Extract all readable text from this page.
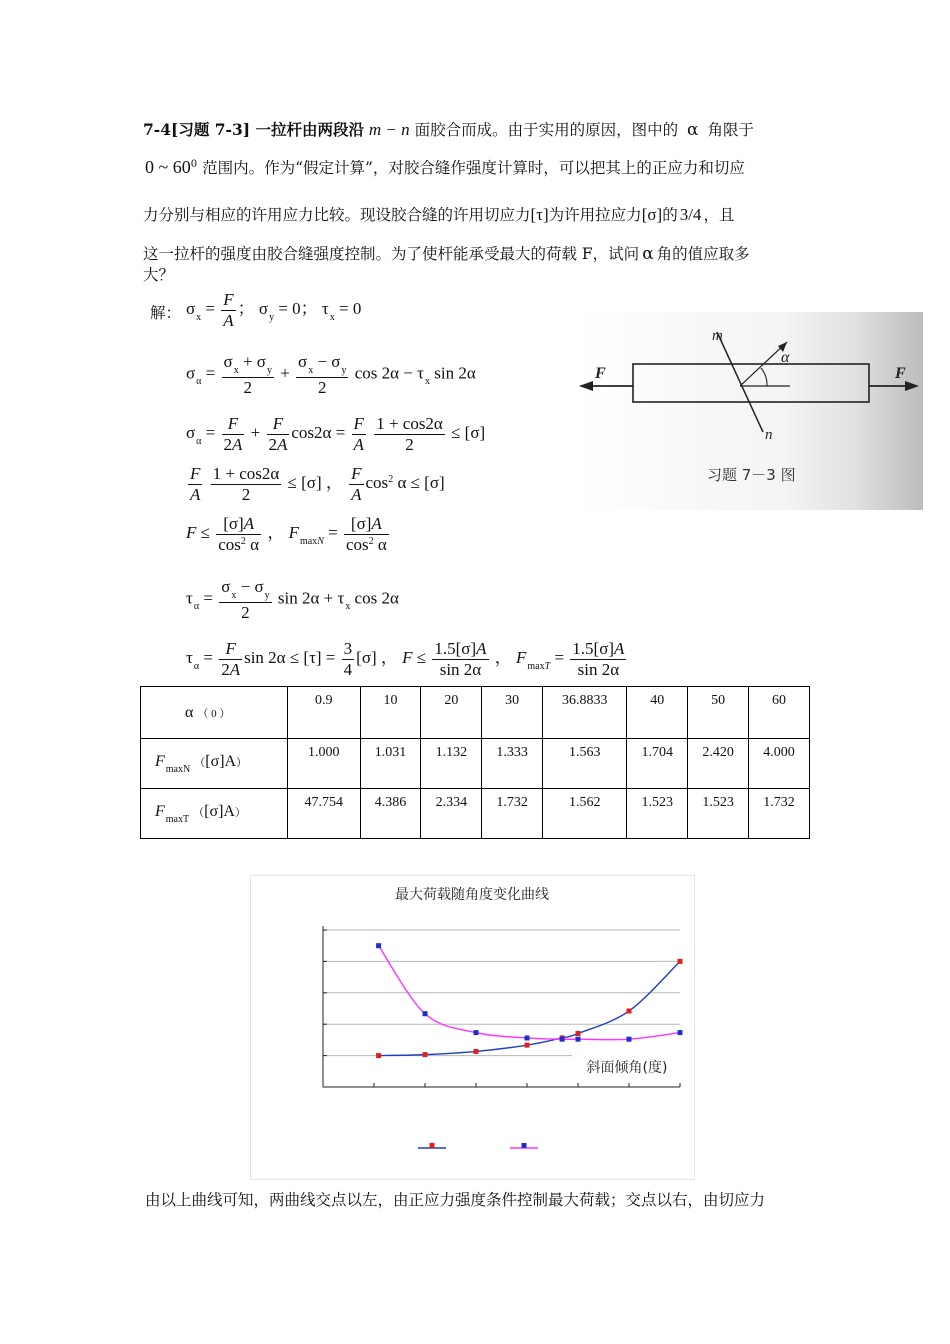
7-4[习题 7-3] 一拉杆由两段沿 m − n 面胶合而成。由于实用的原因，图中的 α 角限于
0 ~ $60^0$ 范围内。作为“假定计算”，对胶合缝作强度计算时，可以把其上的正应力和切应
力分别与相应的许用应力比较。现设胶合缝的许用切应力[τ]为许用拉应力[σ]的 3/4 ，且
这一拉杆的强度由胶合缝强度控制。为了使杆能承受最大的荷载 F，试问 α 角的值应取多
大？
m
n
α
F	F
习题 7－3 图
解： $\sigma_x = \frac{F}{A}$ ； $\sigma_y = 0$； $\tau_x = 0$
$\sigma_\alpha = \frac{\sigma_x + \sigma_y}{2} + \frac{\sigma_x - \sigma_y}{2}$ $\cos 2\alpha - \tau_x$ sin 2α
$\sigma_\alpha = \frac{F}{2A} + \frac{F}{2A} \cos 2\alpha = \frac{F}{A}$
$\frac{1 + \cos 2\alpha}{2} \le [\sigma]$
$\frac{F}{A}$
$\frac{1 + \cos 2\alpha}{2} \le [\sigma]$ ， $\frac{F}{A} \cos^2 \alpha \le [\sigma]$
$F \le \frac{[\sigma]A}{\cos^2 \alpha}$ ， $F_{maxN} = \frac{[\sigma]A}{\cos^2 \alpha}$
$\tau_\alpha = \frac{\sigma_x - \sigma_y}{2}$ $\sin 2\alpha + \tau_x$ cos 2α
$\tau_\alpha = \frac{F}{2A}$ $\sin 2\alpha \le [\tau] = \frac{3}{4} [\sigma]$ ， $F \le \frac{1.5[\sigma]A}{\sin 2\alpha}$ ， $F_{maxT} = \frac{1.5[\sigma]A}{\sin 2\alpha}$
α （ 0 ）	0.9	10	20	30	36.8833	40	50	60
$F_{maxN}$ （[σ]A）	1.000	1.031	1.132	1.333	1.563	1.704	2.420	4.000
$F_{maxT}$ （[σ]A）	47.754	4.386	2.334	1.732	1.562	1.523	1.523	1.732
最大荷载随角度变化曲线
斜面倾角(度)
由以上曲线可知，两曲线交点以左，由正应力强度条件控制最大荷载；交点以右，由切应力
